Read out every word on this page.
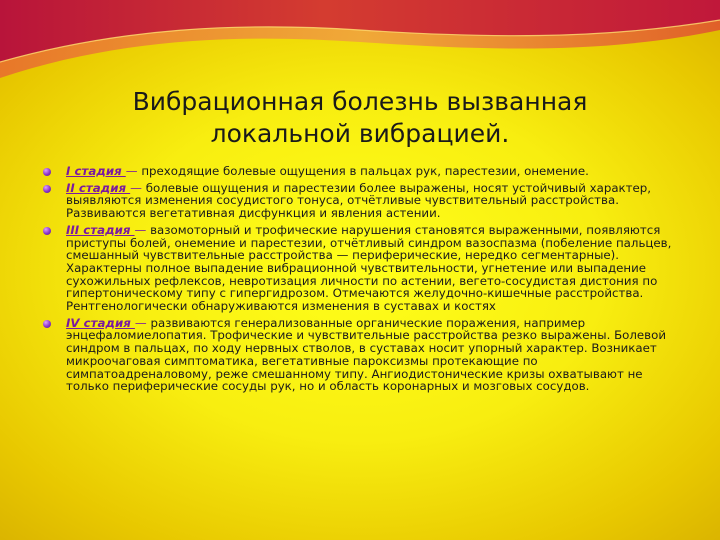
Вибрационная болезнь вызванная
локальной вибрацией.
I стадия — преходящие болевые ощущения в пальцах рук, парестезии, онемение.
II стадия — болевые ощущения и парестезии более выражены, носят устойчивый характер, выявляются изменения сосудистого тонуса, отчётливые чувствительный расстройства. Развиваются вегетативная дисфункция и явления астении.
III стадия — вазомоторный и трофические нарушения становятся выраженными, появляются приступы болей, онемение и парестезии, отчётливый синдром вазоспазма (побеление пальцев, смешанный чувствительные расстройства — периферические, нередко сегментарные). Характерны полное выпадение вибрационной чувствительности, угнетение или выпадение сухожильных рефлексов, невротизация личности по астении, вегето-сосудистая дистония по гипертоническому типу с гипергидрозом. Отмечаются желудочно-кишечные расстройства. Рентгенологически обнаруживаются изменения в суставах и костях
IV стадия — развиваются генерализованные органические поражения, например энцефаломиелопатия. Трофические и чувствительные расстройства резко выражены. Болевой синдром в пальцах, по ходу нервных стволов, в суставах носит упорный характер. Возникает микроочаговая симптоматика, вегетативные пароксизмы протекающие по симпатоадреналовому, реже смешанному типу. Ангиодистонические кризы охватывают не только периферические сосуды рук, но и область коронарных и мозговых сосудов.
